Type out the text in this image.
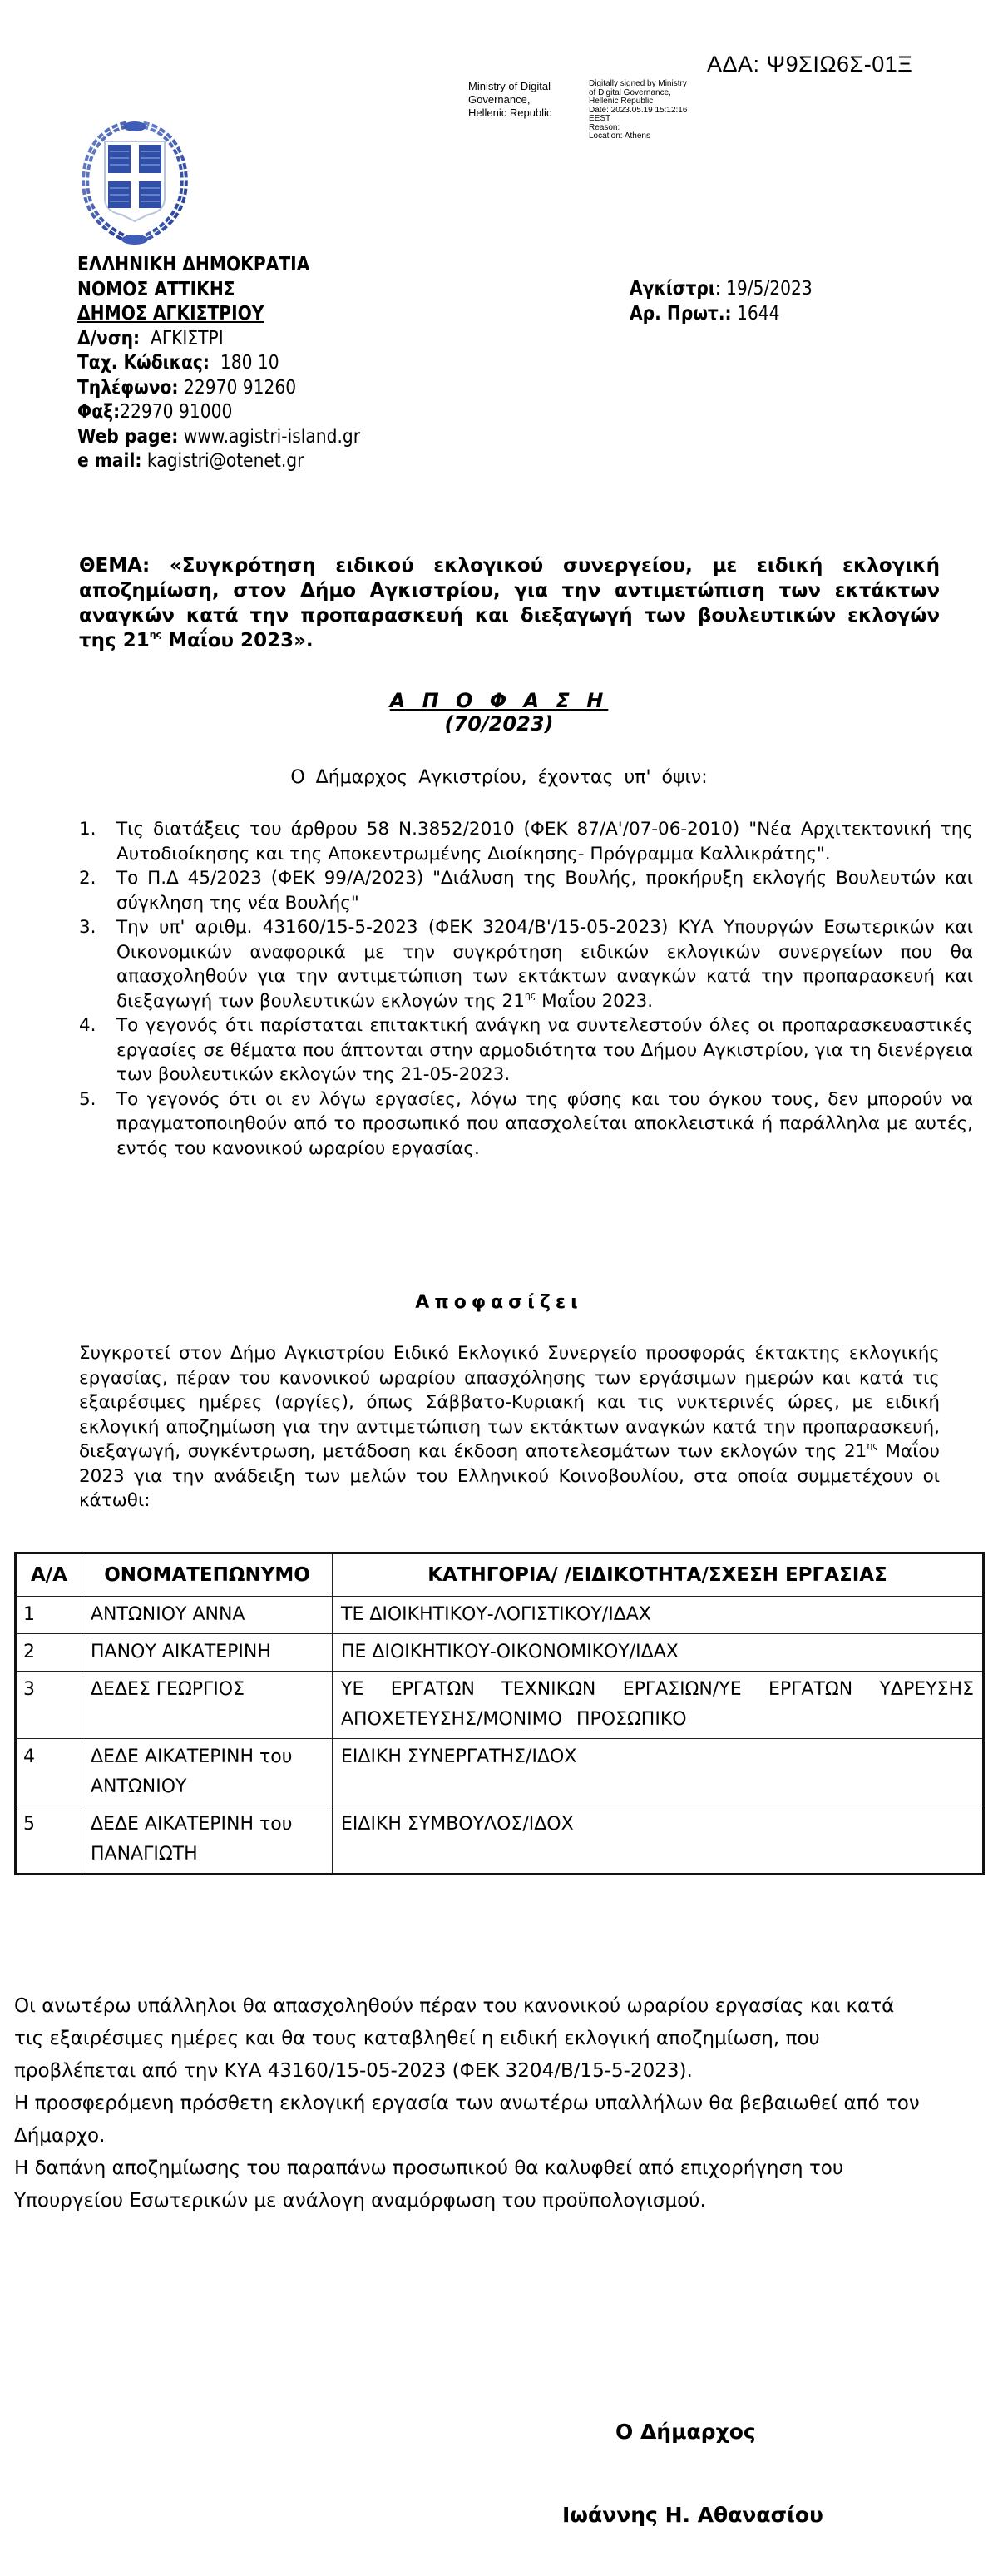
ΑΔΑ: Ψ9ΣΙΩ6Σ-01Ξ
Ministry of Digital
Governance,
Hellenic Republic
Digitally signed by Ministry
of Digital Governance,
Hellenic Republic
Date: 2023.05.19 15:12:16
EEST
Reason:
Location: Athens
ΕΛΛΗΝΙΚΗ ΔΗΜΟΚΡΑΤΙΑ
ΝΟΜΟΣ ΑΤΤΙΚΗΣ
ΔΗΜΟΣ ΑΓΚΙΣΤΡΙΟΥ
Δ/νση: ΑΓΚΙΣΤΡΙ
Ταχ. Κώδικας: 180 10
Τηλέφωνο: 22970 91260
Φαξ:22970 91000
Web page: www.agistri-island.gr
e mail: kagistri@otenet.gr
Αγκίστρι: 19/5/2023
Αρ. Πρωτ.: 1644
ΘΕΜΑ: «Συγκρότηση ειδικού εκλογικού συνεργείου, με ειδική εκλογική αποζημίωση, στον Δήμο Αγκιστρίου, για την αντιμετώπιση των εκτάκτων αναγκών κατά την προπαρασκευή και διεξαγωγή των βουλευτικών εκλογών της $21^{\eta\varsigma}$ Μαΐου 2023».
Α Π Ο Φ Α Σ Η
(70/2023)
Ο Δήμαρχος Αγκιστρίου, έχοντας υπ' όψιν:
1. Τις διατάξεις του άρθρου 58 Ν.3852/2010 (ΦΕΚ 87/Α'/07-06-2010) "Νέα Αρχιτεκτονική της Αυτοδιοίκησης και της Αποκεντρωμένης Διοίκησης- Πρόγραμμα Καλλικράτης".
2. Το Π.Δ 45/2023 (ΦΕΚ 99/Α/2023) "Διάλυση της Βουλής, προκήρυξη εκλογής Βουλευτών και σύγκληση της νέα Βουλής"
3. Την υπ' αριθμ. 43160/15-5-2023 (ΦΕΚ 3204/Β'/15-05-2023) ΚΥΑ Υπουργών Εσωτερικών και Οικονομικών αναφορικά με την συγκρότηση ειδικών εκλογικών συνεργείων που θα απασχοληθούν για την αντιμετώπιση των εκτάκτων αναγκών κατά την προπαρασκευή και διεξαγωγή των βουλευτικών εκλογών της $21^{\eta\varsigma}$ Μαΐου 2023.
4. Το γεγονός ότι παρίσταται επιτακτική ανάγκη να συντελεστούν όλες οι προπαρασκευαστικές εργασίες σε θέματα που άπτονται στην αρμοδιότητα του Δήμου Αγκιστρίου, για τη διενέργεια των βουλευτικών εκλογών της 21-05-2023.
5. Το γεγονός ότι οι εν λόγω εργασίες, λόγω της φύσης και του όγκου τους, δεν μπορούν να πραγματοποιηθούν από το προσωπικό που απασχολείται αποκλειστικά ή παράλληλα με αυτές, εντός του κανονικού ωραρίου εργασίας.
Αποφασίζει
Συγκροτεί στον Δήμο Αγκιστρίου Ειδικό Εκλογικό Συνεργείο προσφοράς έκτακτης εκλογικής εργασίας, πέραν του κανονικού ωραρίου απασχόλησης των εργάσιμων ημερών και κατά τις εξαιρέσιμες ημέρες (αργίες), όπως Σάββατο-Κυριακή και τις νυκτερινές ώρες, με ειδική εκλογική αποζημίωση για την αντιμετώπιση των εκτάκτων αναγκών κατά την προπαρασκευή, διεξαγωγή, συγκέντρωση, μετάδοση και έκδοση αποτελεσμάτων των εκλογών της $21^{\eta\varsigma}$ Μαΐου 2023 για την ανάδειξη των μελών του Ελληνικού Κοινοβουλίου, στα οποία συμμετέχουν οι κάτωθι:
Α/Α	ΟΝΟΜΑΤΕΠΩΝΥΜΟ	ΚΑΤΗΓΟΡΙΑ/ /ΕΙΔΙΚΟΤΗΤΑ/ΣΧΕΣΗ ΕΡΓΑΣΙΑΣ
1	ΑΝΤΩΝΙΟΥ ΑΝΝΑ	ΤΕ ΔΙΟΙΚΗΤΙΚΟΥ-ΛΟΓΙΣΤΙΚΟΥ/ΙΔΑΧ
2	ΠΑΝΟΥ ΑΙΚΑΤΕΡΙΝΗ	ΠΕ ΔΙΟΙΚΗΤΙΚΟΥ-ΟΙΚΟΝΟΜΙΚΟΥ/ΙΔΑΧ
3	ΔΕΔΕΣ ΓΕΩΡΓΙΟΣ	ΥΕ ΕΡΓΑΤΩΝ ΤΕΧΝΙΚΩΝ ΕΡΓΑΣΙΩΝ/ΥΕ ΕΡΓΑΤΩΝ ΥΔΡΕΥΣΗΣ ΑΠΟΧΕΤΕΥΣΗΣ/ΜΟΝΙΜΟ ΠΡΟΣΩΠΙΚΟ
4	ΔΕΔΕ ΑΙΚΑΤΕΡΙΝΗ του ΑΝΤΩΝΙΟΥ	ΕΙΔΙΚΗ ΣΥΝΕΡΓΑΤΗΣ/ΙΔΟΧ
5	ΔΕΔΕ ΑΙΚΑΤΕΡΙΝΗ του ΠΑΝΑΓΙΩΤΗ	ΕΙΔΙΚΗ ΣΥΜΒΟΥΛΟΣ/ΙΔΟΧ

Οι ανωτέρω υπάλληλοι θα απασχοληθούν πέραν του κανονικού ωραρίου εργασίας και κατά τις εξαιρέσιμες ημέρες και θα τους καταβληθεί η ειδική εκλογική αποζημίωση, που προβλέπεται από την ΚΥΑ 43160/15-05-2023 (ΦΕΚ 3204/Β/15-5-2023).

Η προσφερόμενη πρόσθετη εκλογική εργασία των ανωτέρω υπαλλήλων θα βεβαιωθεί από τον Δήμαρχο.

Η δαπάνη αποζημίωσης του παραπάνω προσωπικού θα καλυφθεί από επιχορήγηση του Υπουργείου Εσωτερικών με ανάλογη αναμόρφωση του προϋπολογισμού.

Ο Δήμαρχος
Ιωάννης Η. Αθανασίου
